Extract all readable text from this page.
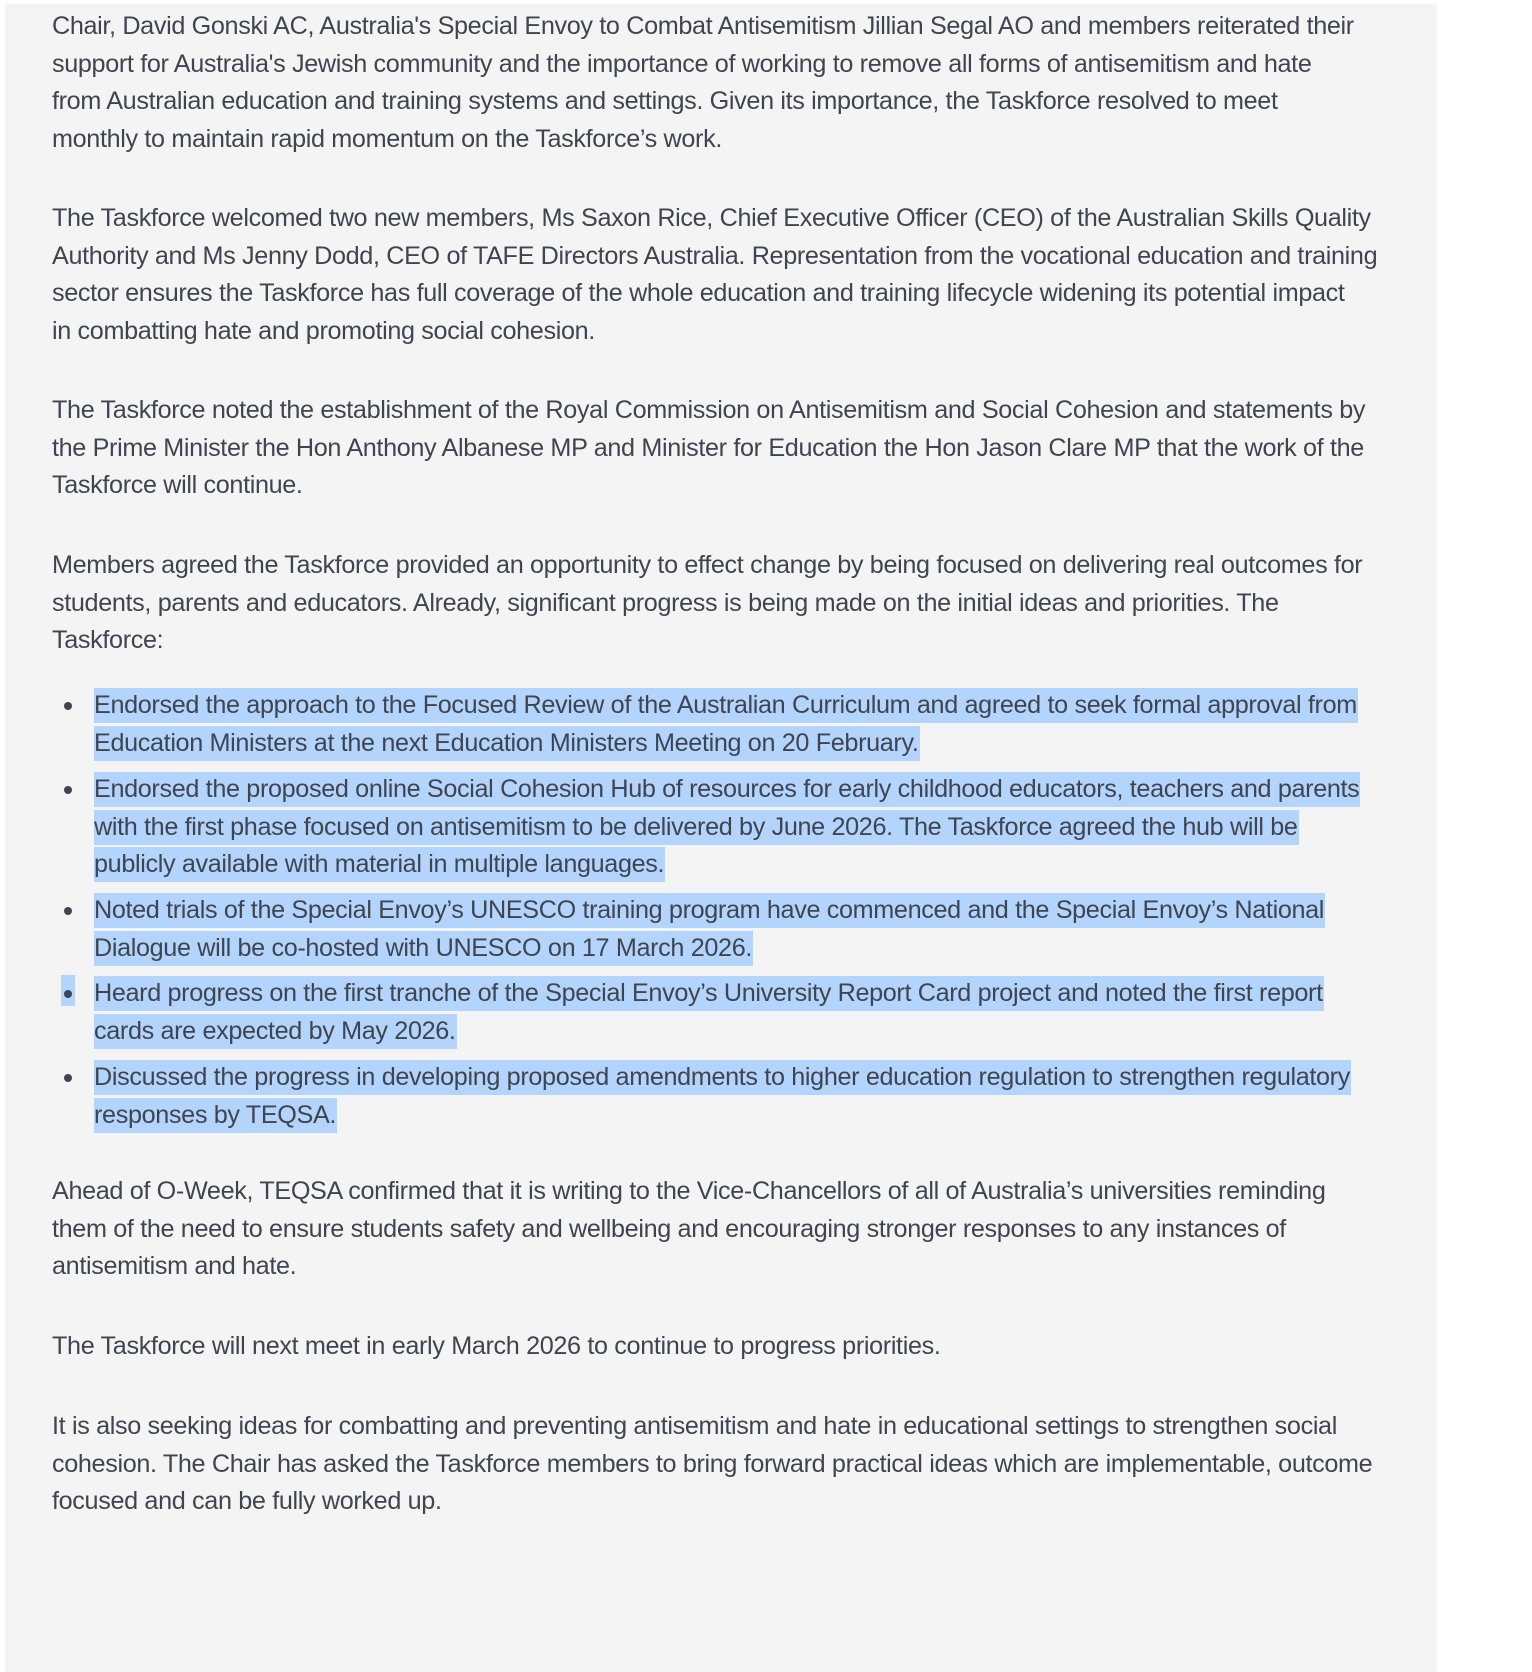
Chair, David Gonski AC, Australia's Special Envoy to Combat Antisemitism Jillian Segal AO and members reiterated their
support for Australia's Jewish community and the importance of working to remove all forms of antisemitism and hate
from Australian education and training systems and settings. Given its importance, the Taskforce resolved to meet
monthly to maintain rapid momentum on the Taskforce’s work.

The Taskforce welcomed two new members, Ms Saxon Rice, Chief Executive Officer (CEO) of the Australian Skills Quality
Authority and Ms Jenny Dodd, CEO of TAFE Directors Australia. Representation from the vocational education and training
sector ensures the Taskforce has full coverage of the whole education and training lifecycle widening its potential impact
in combatting hate and promoting social cohesion.

The Taskforce noted the establishment of the Royal Commission on Antisemitism and Social Cohesion and statements by
the Prime Minister the Hon Anthony Albanese MP and Minister for Education the Hon Jason Clare MP that the work of the
Taskforce will continue.

Members agreed the Taskforce provided an opportunity to effect change by being focused on delivering real outcomes for
students, parents and educators. Already, significant progress is being made on the initial ideas and priorities. The
Taskforce:

Endorsed the approach to the Focused Review of the Australian Curriculum and agreed to seek formal approval from
Education Ministers at the next Education Ministers Meeting on 20 February.
Endorsed the proposed online Social Cohesion Hub of resources for early childhood educators, teachers and parents
with the first phase focused on antisemitism to be delivered by June 2026. The Taskforce agreed the hub will be
publicly available with material in multiple languages.
Noted trials of the Special Envoy’s UNESCO training program have commenced and the Special Envoy’s National
Dialogue will be co-hosted with UNESCO on 17 March 2026.
Heard progress on the first tranche of the Special Envoy’s University Report Card project and noted the first report
cards are expected by May 2026.
Discussed the progress in developing proposed amendments to higher education regulation to strengthen regulatory
responses by TEQSA.

Ahead of O-Week, TEQSA confirmed that it is writing to the Vice-Chancellors of all of Australia’s universities reminding
them of the need to ensure students safety and wellbeing and encouraging stronger responses to any instances of
antisemitism and hate.

The Taskforce will next meet in early March 2026 to continue to progress priorities.

It is also seeking ideas for combatting and preventing antisemitism and hate in educational settings to strengthen social
cohesion. The Chair has asked the Taskforce members to bring forward practical ideas which are implementable, outcome
focused and can be fully worked up.
